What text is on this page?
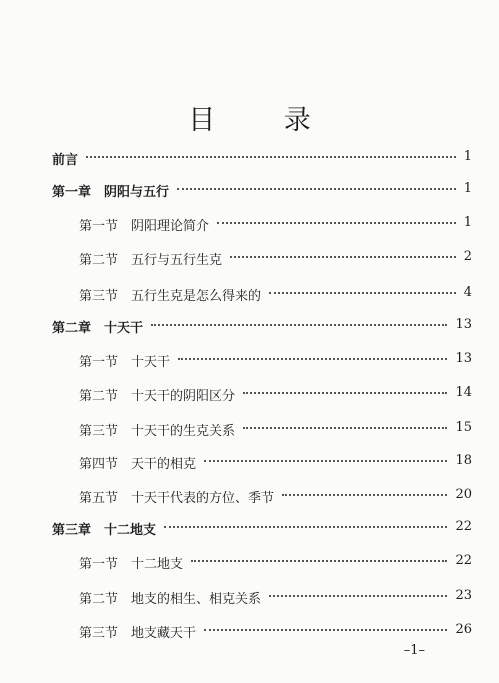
目 录
前言	1
第一章　阴阳与五行	1
第一节　阴阳理论简介	1
第二节　五行与五行生克	2
第三节　五行生克是怎么得来的	4
第二章　十天干	13
第一节　十天干	13
第二节　十天干的阴阳区分	14
第三节　十天干的生克关系	15
第四节　天干的相克	18
第五节　十天干代表的方位、季节	20
第三章　十二地支	22
第一节　十二地支	22
第二节　地支的相生、相克关系	23
第三节　地支藏天干	26
–1–
